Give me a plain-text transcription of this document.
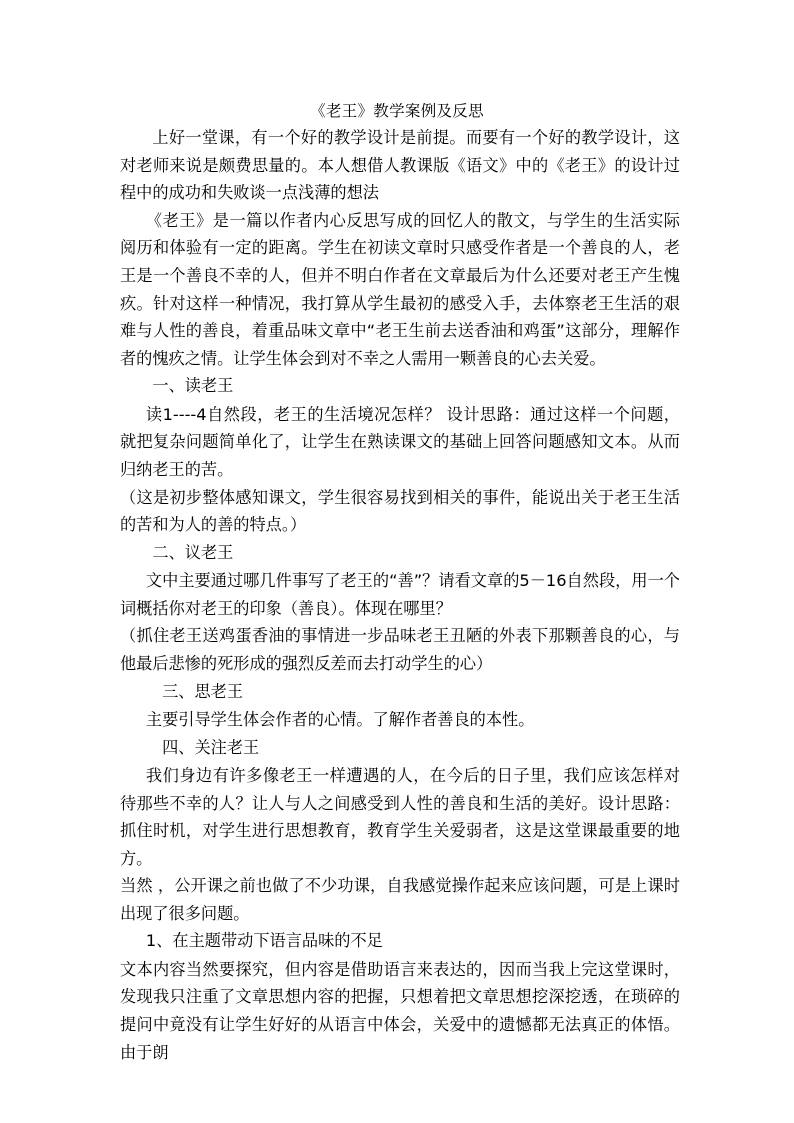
《老王》教学案例及反思

上好一堂课，有一个好的教学设计是前提。而要有一个好的教学设计，这对老师来说是颇费思量的。本人想借人教课版《语文》中的《老王》的设计过程中的成功和失败谈一点浅薄的想法

《老王》是一篇以作者内心反思写成的回忆人的散文，与学生的生活实际阅历和体验有一定的距离。学生在初读文章时只感受作者是一个善良的人，老王是一个善良不幸的人，但并不明白作者在文章最后为什么还要对老王产生愧疚。针对这样一种情况，我打算从学生最初的感受入手，去体察老王生活的艰难与人性的善良，着重品味文章中“老王生前去送香油和鸡蛋”这部分，理解作者的愧疚之情。让学生体会到对不幸之人需用一颗善良的心去关爱。

一、读老王

读1----4自然段，老王的生活境况怎样？ 设计思路：通过这样一个问题，就把复杂问题简单化了，让学生在熟读课文的基础上回答问题感知文本。从而归纳老王的苦。

（这是初步整体感知课文，学生很容易找到相关的事件，能说出关于老王生活的苦和为人的善的特点。）

二、议老王

文中主要通过哪几件事写了老王的“善”？请看文章的5－16自然段，用一个词概括你对老王的印象（善良）。体现在哪里？

（抓住老王送鸡蛋香油的事情进一步品味老王丑陋的外表下那颗善良的心，与他最后悲惨的死形成的强烈反差而去打动学生的心）

三、思老王

主要引导学生体会作者的心情。了解作者善良的本性。

四、关注老王

我们身边有许多像老王一样遭遇的人，在今后的日子里，我们应该怎样对待那些不幸的人？让人与人之间感受到人性的善良和生活的美好。设计思路：抓住时机，对学生进行思想教育，教育学生关爱弱者，这是这堂课最重要的地方。

当然 ，公开课之前也做了不少功课，自我感觉操作起来应该问题，可是上课时出现了很多问题。

1、在主题带动下语言品味的不足

文本内容当然要探究，但内容是借助语言来表达的，因而当我上完这堂课时，发现我只注重了文章思想内容的把握，只想着把文章思想挖深挖透，在琐碎的提问中竟没有让学生好好的从语言中体会，关爱中的遗憾都无法真正的体悟。由于朗
